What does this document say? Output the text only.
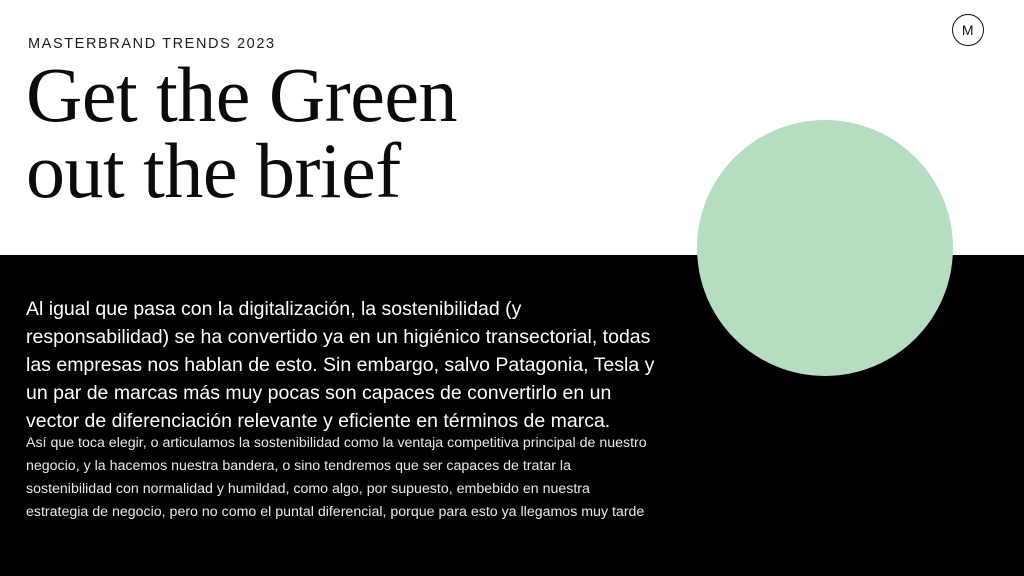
M
MASTERBRAND TRENDS 2023
Get the Green
out the brief
Al igual que pasa con la digitalización, la sostenibilidad (y responsabilidad) se ha convertido ya en un higiénico transectorial, todas las empresas nos hablan de esto. Sin embargo, salvo Patagonia, Tesla y un par de marcas más muy pocas son capaces de convertirlo en un vector de diferenciación relevante y eficiente en términos de marca.
Así que toca elegir, o articulamos la sostenibilidad como la ventaja competitiva principal de nuestro negocio, y la hacemos nuestra bandera, o sino tendremos que ser capaces de tratar la sostenibilidad con normalidad y humildad, como algo, por supuesto, embebido en nuestra estrategia de negocio, pero no como el puntal diferencial, porque para esto ya llegamos muy tarde
